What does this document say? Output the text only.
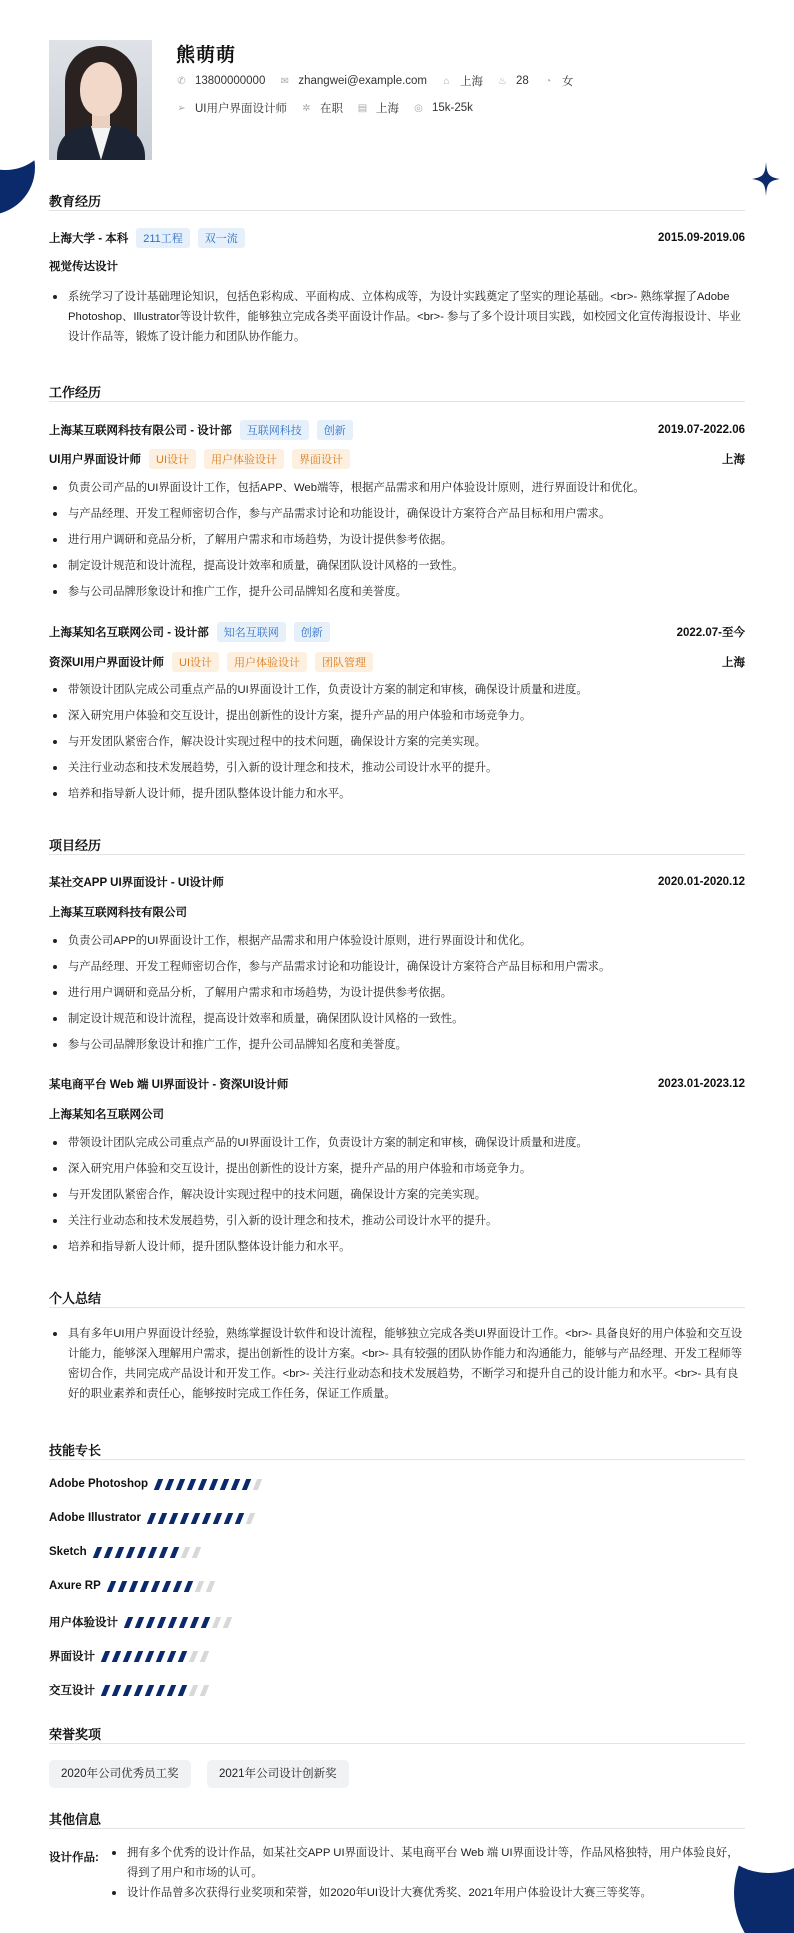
熊萌萌
✆ 13800000000 ✉ zhangwei@example.com ⌂ 上海 ♨ 28 ◔ 女
➢ UI用户界面设计师 ✲ 在职 ▤ 上海 ◎ 15k-25k
教育经历
上海大学 - 本科	211工程	双一流	2015.09-2019.06
视觉传达设计
系统学习了设计基础理论知识，包括色彩构成、平面构成、立体构成等，为设计实践奠定了坚实的理论基础。<br>- 熟练掌握了Adobe Photoshop、Illustrator等设计软件，能够独立完成各类平面设计作品。<br>- 参与了多个设计项目实践，如校园文化宣传海报设计、毕业设计作品等，锻炼了设计能力和团队协作能力。
工作经历
上海某互联网科技有限公司 - 设计部	互联网科技	创新	2019.07-2022.06
UI用户界面设计师	UI设计	用户体验设计	界面设计	上海
负责公司产品的UI界面设计工作，包括APP、Web端等，根据产品需求和用户体验设计原则，进行界面设计和优化。
与产品经理、开发工程师密切合作，参与产品需求讨论和功能设计，确保设计方案符合产品目标和用户需求。
进行用户调研和竞品分析，了解用户需求和市场趋势，为设计提供参考依据。
制定设计规范和设计流程，提高设计效率和质量，确保团队设计风格的一致性。
参与公司品牌形象设计和推广工作，提升公司品牌知名度和美誉度。
上海某知名互联网公司 - 设计部	知名互联网	创新	2022.07-至今
资深UI用户界面设计师	UI设计	用户体验设计	团队管理	上海
带领设计团队完成公司重点产品的UI界面设计工作，负责设计方案的制定和审核，确保设计质量和进度。
深入研究用户体验和交互设计，提出创新性的设计方案，提升产品的用户体验和市场竞争力。
与开发团队紧密合作，解决设计实现过程中的技术问题，确保设计方案的完美实现。
关注行业动态和技术发展趋势，引入新的设计理念和技术，推动公司设计水平的提升。
培养和指导新人设计师，提升团队整体设计能力和水平。
项目经历
某社交APP UI界面设计 - UI设计师	2020.01-2020.12
上海某互联网科技有限公司
负责公司APP的UI界面设计工作，根据产品需求和用户体验设计原则，进行界面设计和优化。
与产品经理、开发工程师密切合作，参与产品需求讨论和功能设计，确保设计方案符合产品目标和用户需求。
进行用户调研和竞品分析，了解用户需求和市场趋势，为设计提供参考依据。
制定设计规范和设计流程，提高设计效率和质量，确保团队设计风格的一致性。
参与公司品牌形象设计和推广工作，提升公司品牌知名度和美誉度。
某电商平台 Web 端 UI界面设计 - 资深UI设计师	2023.01-2023.12
上海某知名互联网公司
带领设计团队完成公司重点产品的UI界面设计工作，负责设计方案的制定和审核，确保设计质量和进度。
深入研究用户体验和交互设计，提出创新性的设计方案，提升产品的用户体验和市场竞争力。
与开发团队紧密合作，解决设计实现过程中的技术问题，确保设计方案的完美实现。
关注行业动态和技术发展趋势，引入新的设计理念和技术，推动公司设计水平的提升。
培养和指导新人设计师，提升团队整体设计能力和水平。
个人总结
具有多年UI用户界面设计经验，熟练掌握设计软件和设计流程，能够独立完成各类UI界面设计工作。<br>- 具备良好的用户体验和交互设计能力，能够深入理解用户需求，提出创新性的设计方案。<br>- 具有较强的团队协作能力和沟通能力，能够与产品经理、开发工程师等密切合作，共同完成产品设计和开发工作。<br>- 关注行业动态和技术发展趋势，不断学习和提升自己的设计能力和水平。<br>- 具有良好的职业素养和责任心，能够按时完成工作任务，保证工作质量。
技能专长
Adobe Photoshop
Adobe Illustrator
Sketch
Axure RP
用户体验设计
界面设计
交互设计
荣誉奖项
2020年公司优秀员工奖	2021年公司设计创新奖
其他信息
设计作品:	拥有多个优秀的设计作品，如某社交APP UI界面设计、某电商平台 Web 端 UI界面设计等，作品风格独特，用户体验良好，得到了用户和市场的认可。
设计作品曾多次获得行业奖项和荣誉，如2020年UI设计大赛优秀奖、2021年用户体验设计大赛三等奖等。
